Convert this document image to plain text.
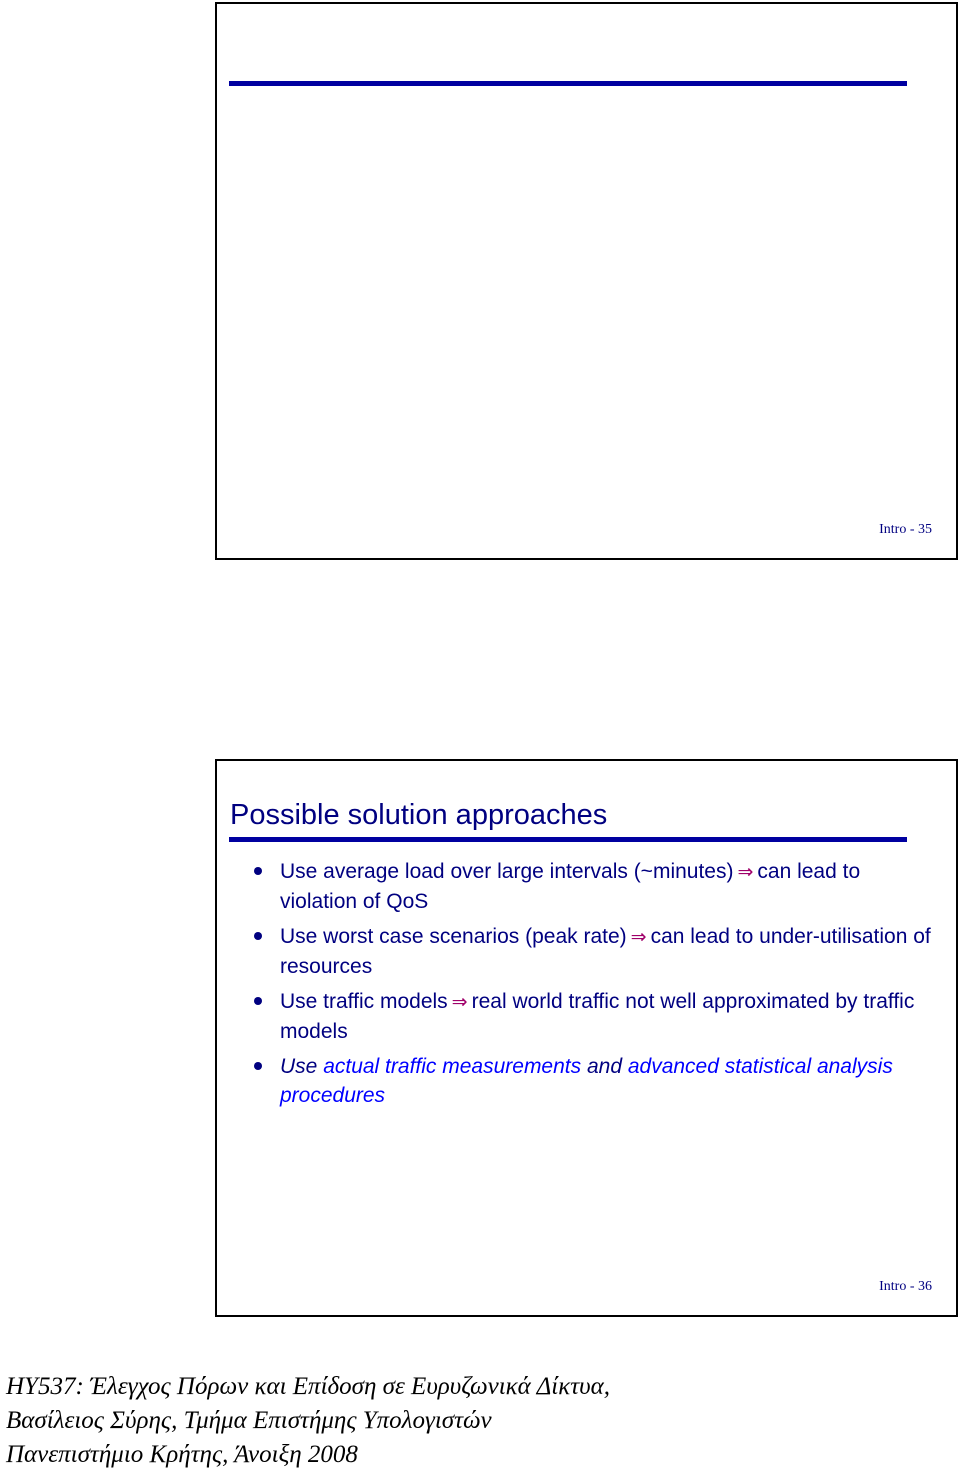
Intro - 35
Possible solution approaches
Use average load over large intervals (~minutes) ⇒ can lead to violation of QoS
Use worst case scenarios (peak rate) ⇒ can lead to under-utilisation of resources
Use traffic models ⇒ real world traffic not well approximated by traffic models
Use actual traffic measurements and advanced statistical analysis procedures
Intro - 36
HY537: Έλεγχος Πόρων και Επίδοση σε Ευρυζωνικά Δίκτυα,
Βασίλειος Σύρης, Τμήμα Επιστήμης Υπολογιστών
Πανεπιστήμιο Κρήτης, Άνοιξη 2008
